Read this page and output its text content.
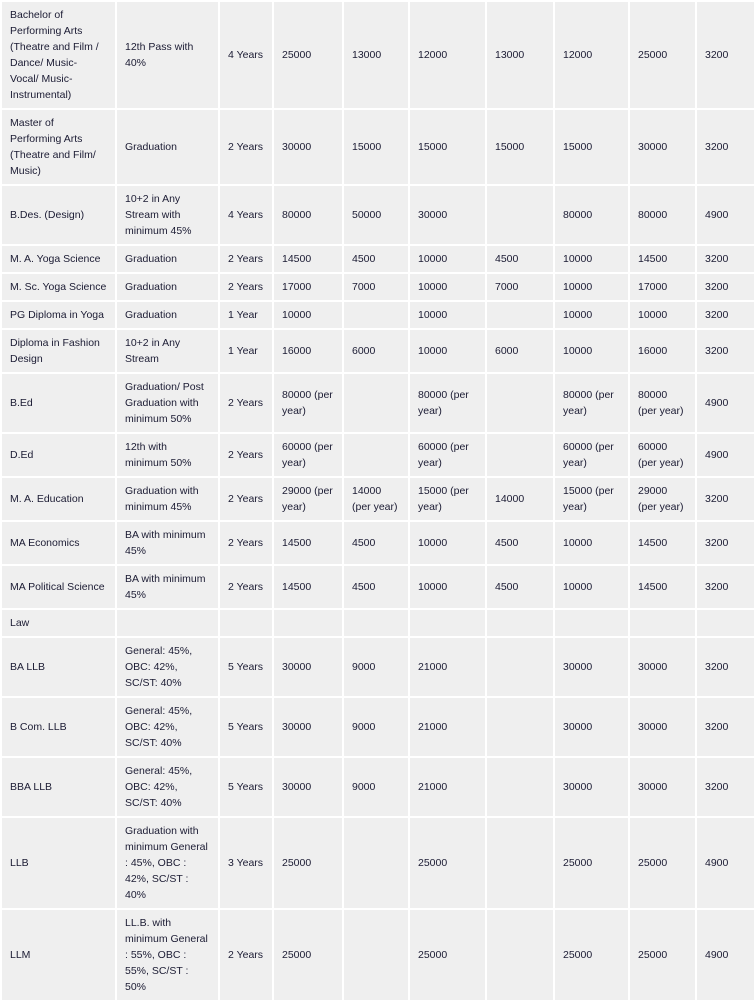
Bachelor of Performing Arts (Theatre and Film / Dance/ Music- Vocal/ Music- Instrumental)	12th Pass with 40%	4 Years	25000	13000	12000	13000	12000	25000	3200
Master of Performing Arts (Theatre and Film/ Music)	Graduation	2 Years	30000	15000	15000	15000	15000	30000	3200
B.Des. (Design)	10+2 in Any Stream with minimum 45%	4 Years	80000	50000	30000		80000	80000	4900
M. A. Yoga Science	Graduation	2 Years	14500	4500	10000	4500	10000	14500	3200
M. Sc. Yoga Science	Graduation	2 Years	17000	7000	10000	7000	10000	17000	3200
PG Diploma in Yoga	Graduation	1 Year	10000		10000		10000	10000	3200
Diploma in Fashion Design	10+2 in Any Stream	1 Year	16000	6000	10000	6000	10000	16000	3200
B.Ed	Graduation/ Post Graduation with minimum 50%	2 Years	80000 (per year)		80000 (per year)		80000 (per year)	80000 (per year)	4900
D.Ed	12th with minimum 50%	2 Years	60000 (per year)		60000 (per year)		60000 (per year)	60000 (per year)	4900
M. A. Education	Graduation with minimum 45%	2 Years	29000 (per year)	14000 (per year)	15000 (per year)	14000	15000 (per year)	29000 (per year)	3200
MA Economics	BA with minimum 45%	2 Years	14500	4500	10000	4500	10000	14500	3200
MA Political Science	BA with minimum 45%	2 Years	14500	4500	10000	4500	10000	14500	3200
Law									
BA LLB	General: 45%, OBC: 42%, SC/ST: 40%	5 Years	30000	9000	21000		30000	30000	3200
B Com. LLB	General: 45%, OBC: 42%, SC/ST: 40%	5 Years	30000	9000	21000		30000	30000	3200
BBA LLB	General: 45%, OBC: 42%, SC/ST: 40%	5 Years	30000	9000	21000		30000	30000	3200
LLB	Graduation with minimum General : 45%, OBC : 42%, SC/ST : 40%	3 Years	25000		25000		25000	25000	4900
LLM	LL.B. with minimum General : 55%, OBC : 55%, SC/ST : 50%	2 Years	25000		25000		25000	25000	4900
